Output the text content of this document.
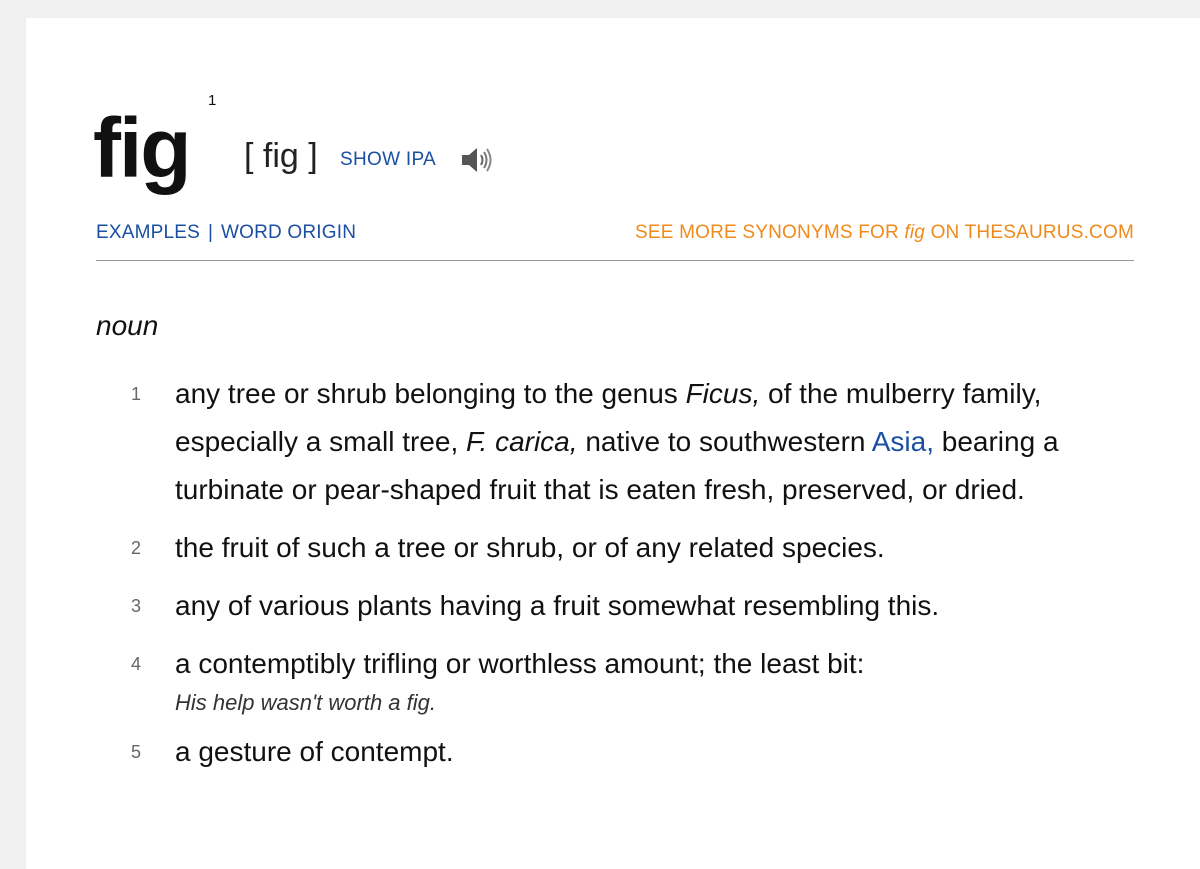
fig
1
[ fig ] SHOW IPA
EXAMPLES | WORD ORIGIN	SEE MORE SYNONYMS FOR fig ON THESAURUS.COM
noun
1 any tree or shrub belonging to the genus Ficus, of the mulberry family, especially a small tree, F. carica, native to southwestern Asia, bearing a turbinate or pear-shaped fruit that is eaten fresh, preserved, or dried.
2 the fruit of such a tree or shrub, or of any related species.
3 any of various plants having a fruit somewhat resembling this.
4 a contemptibly trifling or worthless amount; the least bit:
His help wasn't worth a fig.
5 a gesture of contempt.
